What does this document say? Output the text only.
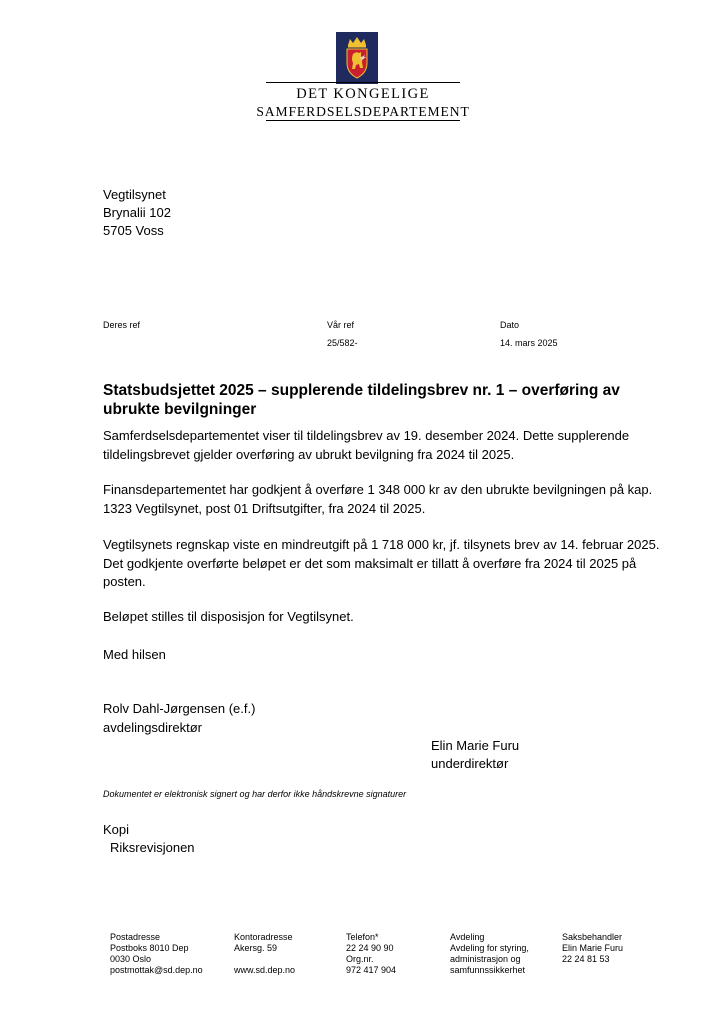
DET KONGELIGE
SAMFERDSELSDEPARTEMENT
Vegtilsynet
Brynalii 102
5705 Voss
Deres ref	Vår ref
25/582-
Dato
14. mars 2025
Statsbudsjettet 2025 – supplerende tildelingsbrev nr. 1 – overføring av ubrukte bevilgninger
Samferdselsdepartementet viser til tildelingsbrev av 19. desember 2024. Dette supplerende tildelingsbrevet gjelder overføring av ubrukt bevilgning fra 2024 til 2025.
Finansdepartementet har godkjent å overføre 1 348 000 kr av den ubrukte bevilgningen på kap. 1323 Vegtilsynet, post 01 Driftsutgifter, fra 2024 til 2025.
Vegtilsynets regnskap viste en mindreutgift på 1 718 000 kr, jf. tilsynets brev av 14. februar 2025. Det godkjente overførte beløpet er det som maksimalt er tillatt å overføre fra 2024 til 2025 på posten.
Beløpet stilles til disposisjon for Vegtilsynet.
Med hilsen
Rolv Dahl-Jørgensen (e.f.)
avdelingsdirektør
Elin Marie Furu
underdirektør
Dokumentet er elektronisk signert og har derfor ikke håndskrevne signaturer
Kopi
Riksrevisjonen
Postadresse
Postboks 8010 Dep
0030 Oslo
postmottak@sd.dep.no
Kontoradresse
Akersg. 59

www.sd.dep.no
Telefon*
22 24 90 90
Org.nr.
972 417 904
Avdeling
Avdeling for styring,
administrasjon og
samfunnssikkerhet
Saksbehandler
Elin Marie Furu
22 24 81 53
